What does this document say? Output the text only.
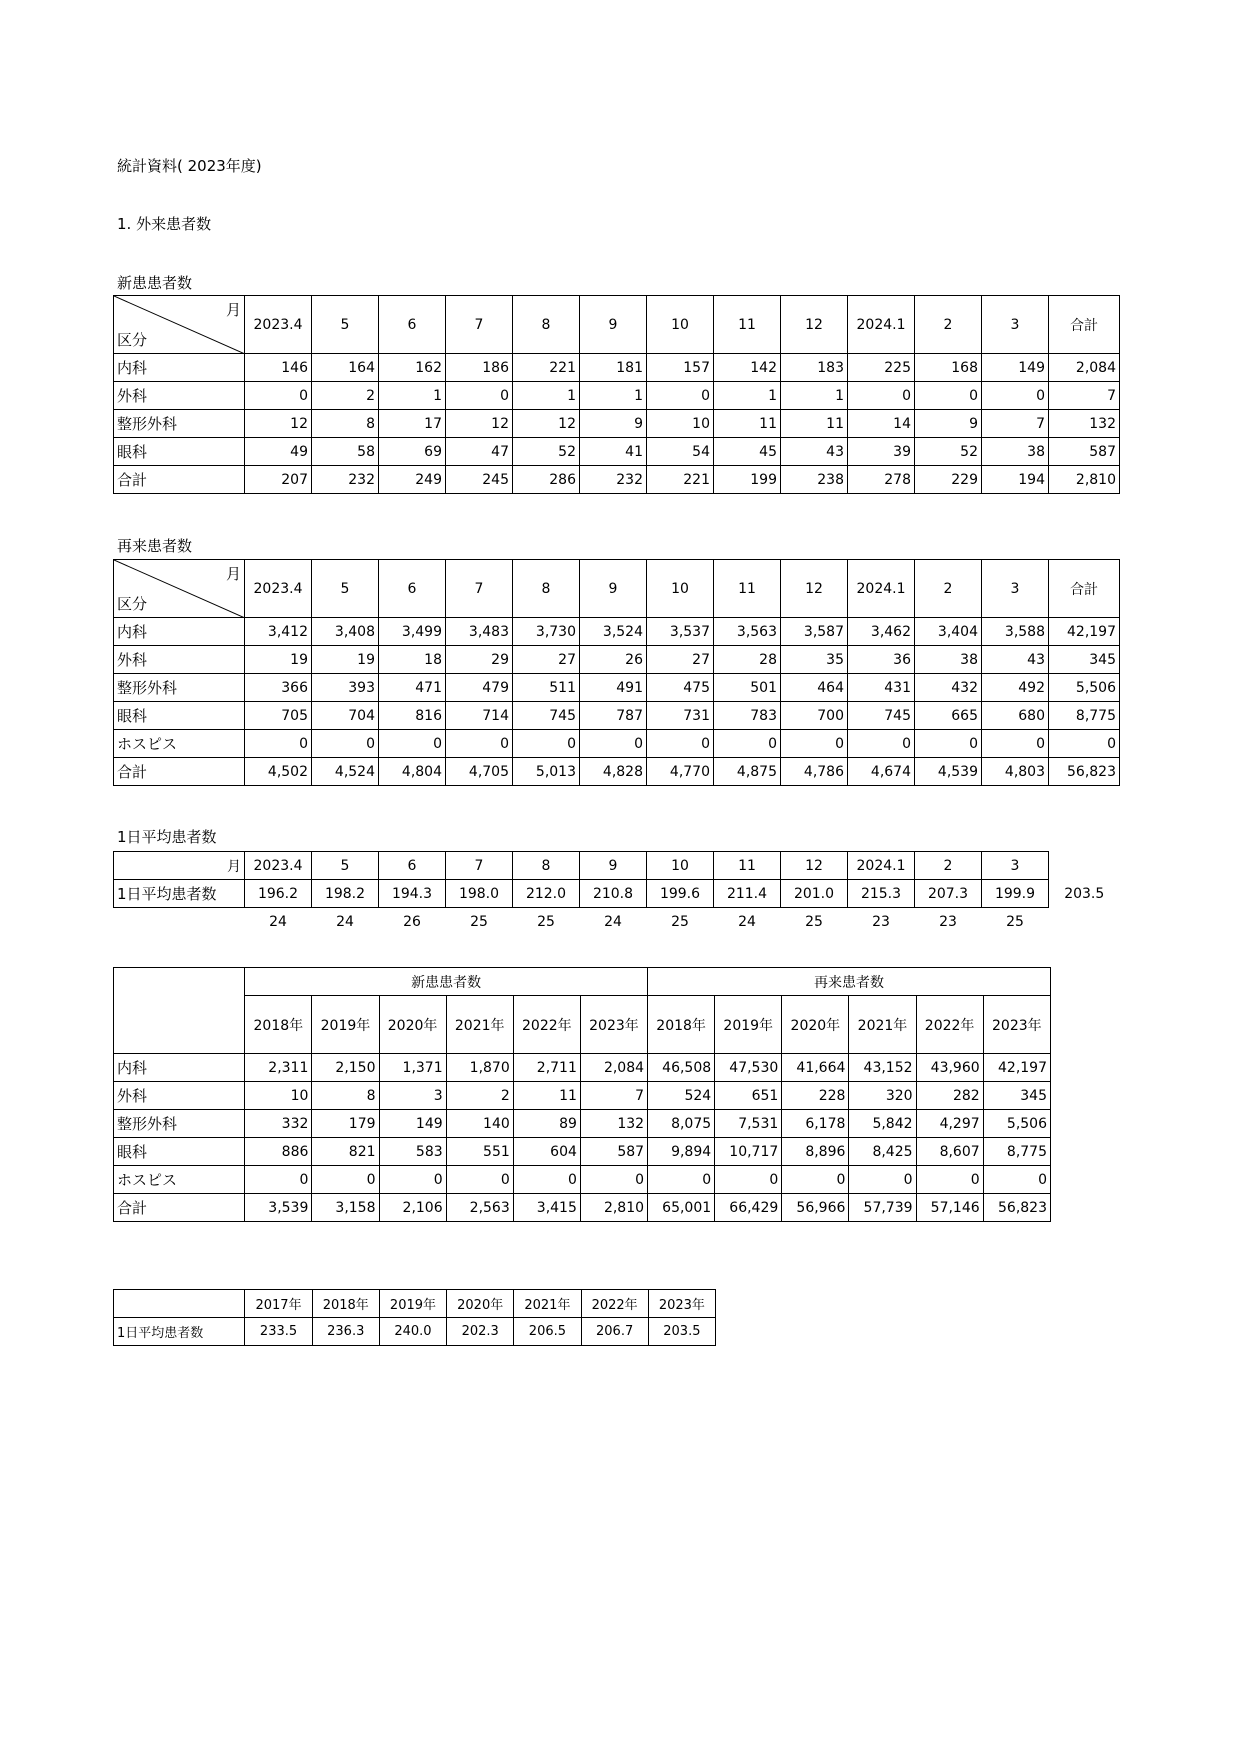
統計資料( 2023年度)
1. 外来患者数
新患患者数
月
区分	2023.4	5	6	7	8	9	10	11	12	2024.1	2	3	合計
内科	146	164	162	186	221	181	157	142	183	225	168	149	2,084
外科	0	2	1	0	1	1	0	1	1	0	0	0	7
整形外科	12	8	17	12	12	9	10	11	11	14	9	7	132
眼科	49	58	69	47	52	41	54	45	43	39	52	38	587
合計	207	232	249	245	286	232	221	199	238	278	229	194	2,810
再来患者数
月
区分	2023.4	5	6	7	8	9	10	11	12	2024.1	2	3	合計
内科	3,412	3,408	3,499	3,483	3,730	3,524	3,537	3,563	3,587	3,462	3,404	3,588	42,197
外科	19	19	18	29	27	26	27	28	35	36	38	43	345
整形外科	366	393	471	479	511	491	475	501	464	431	432	492	5,506
眼科	705	704	816	714	745	787	731	783	700	745	665	680	8,775
ホスピス	0	0	0	0	0	0	0	0	0	0	0	0	0
合計	4,502	4,524	4,804	4,705	5,013	4,828	4,770	4,875	4,786	4,674	4,539	4,803	56,823
1日平均患者数
月	2023.4	5	6	7	8	9	10	11	12	2024.1	2	3	
1日平均患者数	196.2	198.2	194.3	198.0	212.0	210.8	199.6	211.4	201.0	215.3	207.3	199.9	203.5
	24	24	26	25	25	24	25	24	25	23	23	25	
	新患患者数						再来患者数					
	2018年	2019年	2020年	2021年	2022年	2023年	2018年	2019年	2020年	2021年	2022年	2023年
内科	2,311	2,150	1,371	1,870	2,711	2,084	46,508	47,530	41,664	43,152	43,960	42,197
外科	10	8	3	2	11	7	524	651	228	320	282	345
整形外科	332	179	149	140	89	132	8,075	7,531	6,178	5,842	4,297	5,506
眼科	886	821	583	551	604	587	9,894	10,717	8,896	8,425	8,607	8,775
ホスピス	0	0	0	0	0	0	0	0	0	0	0	0
合計	3,539	3,158	2,106	2,563	3,415	2,810	65,001	66,429	56,966	57,739	57,146	56,823
	2017年	2018年	2019年	2020年	2021年	2022年	2023年
1日平均患者数	233.5	236.3	240.0	202.3	206.5	206.7	203.5
